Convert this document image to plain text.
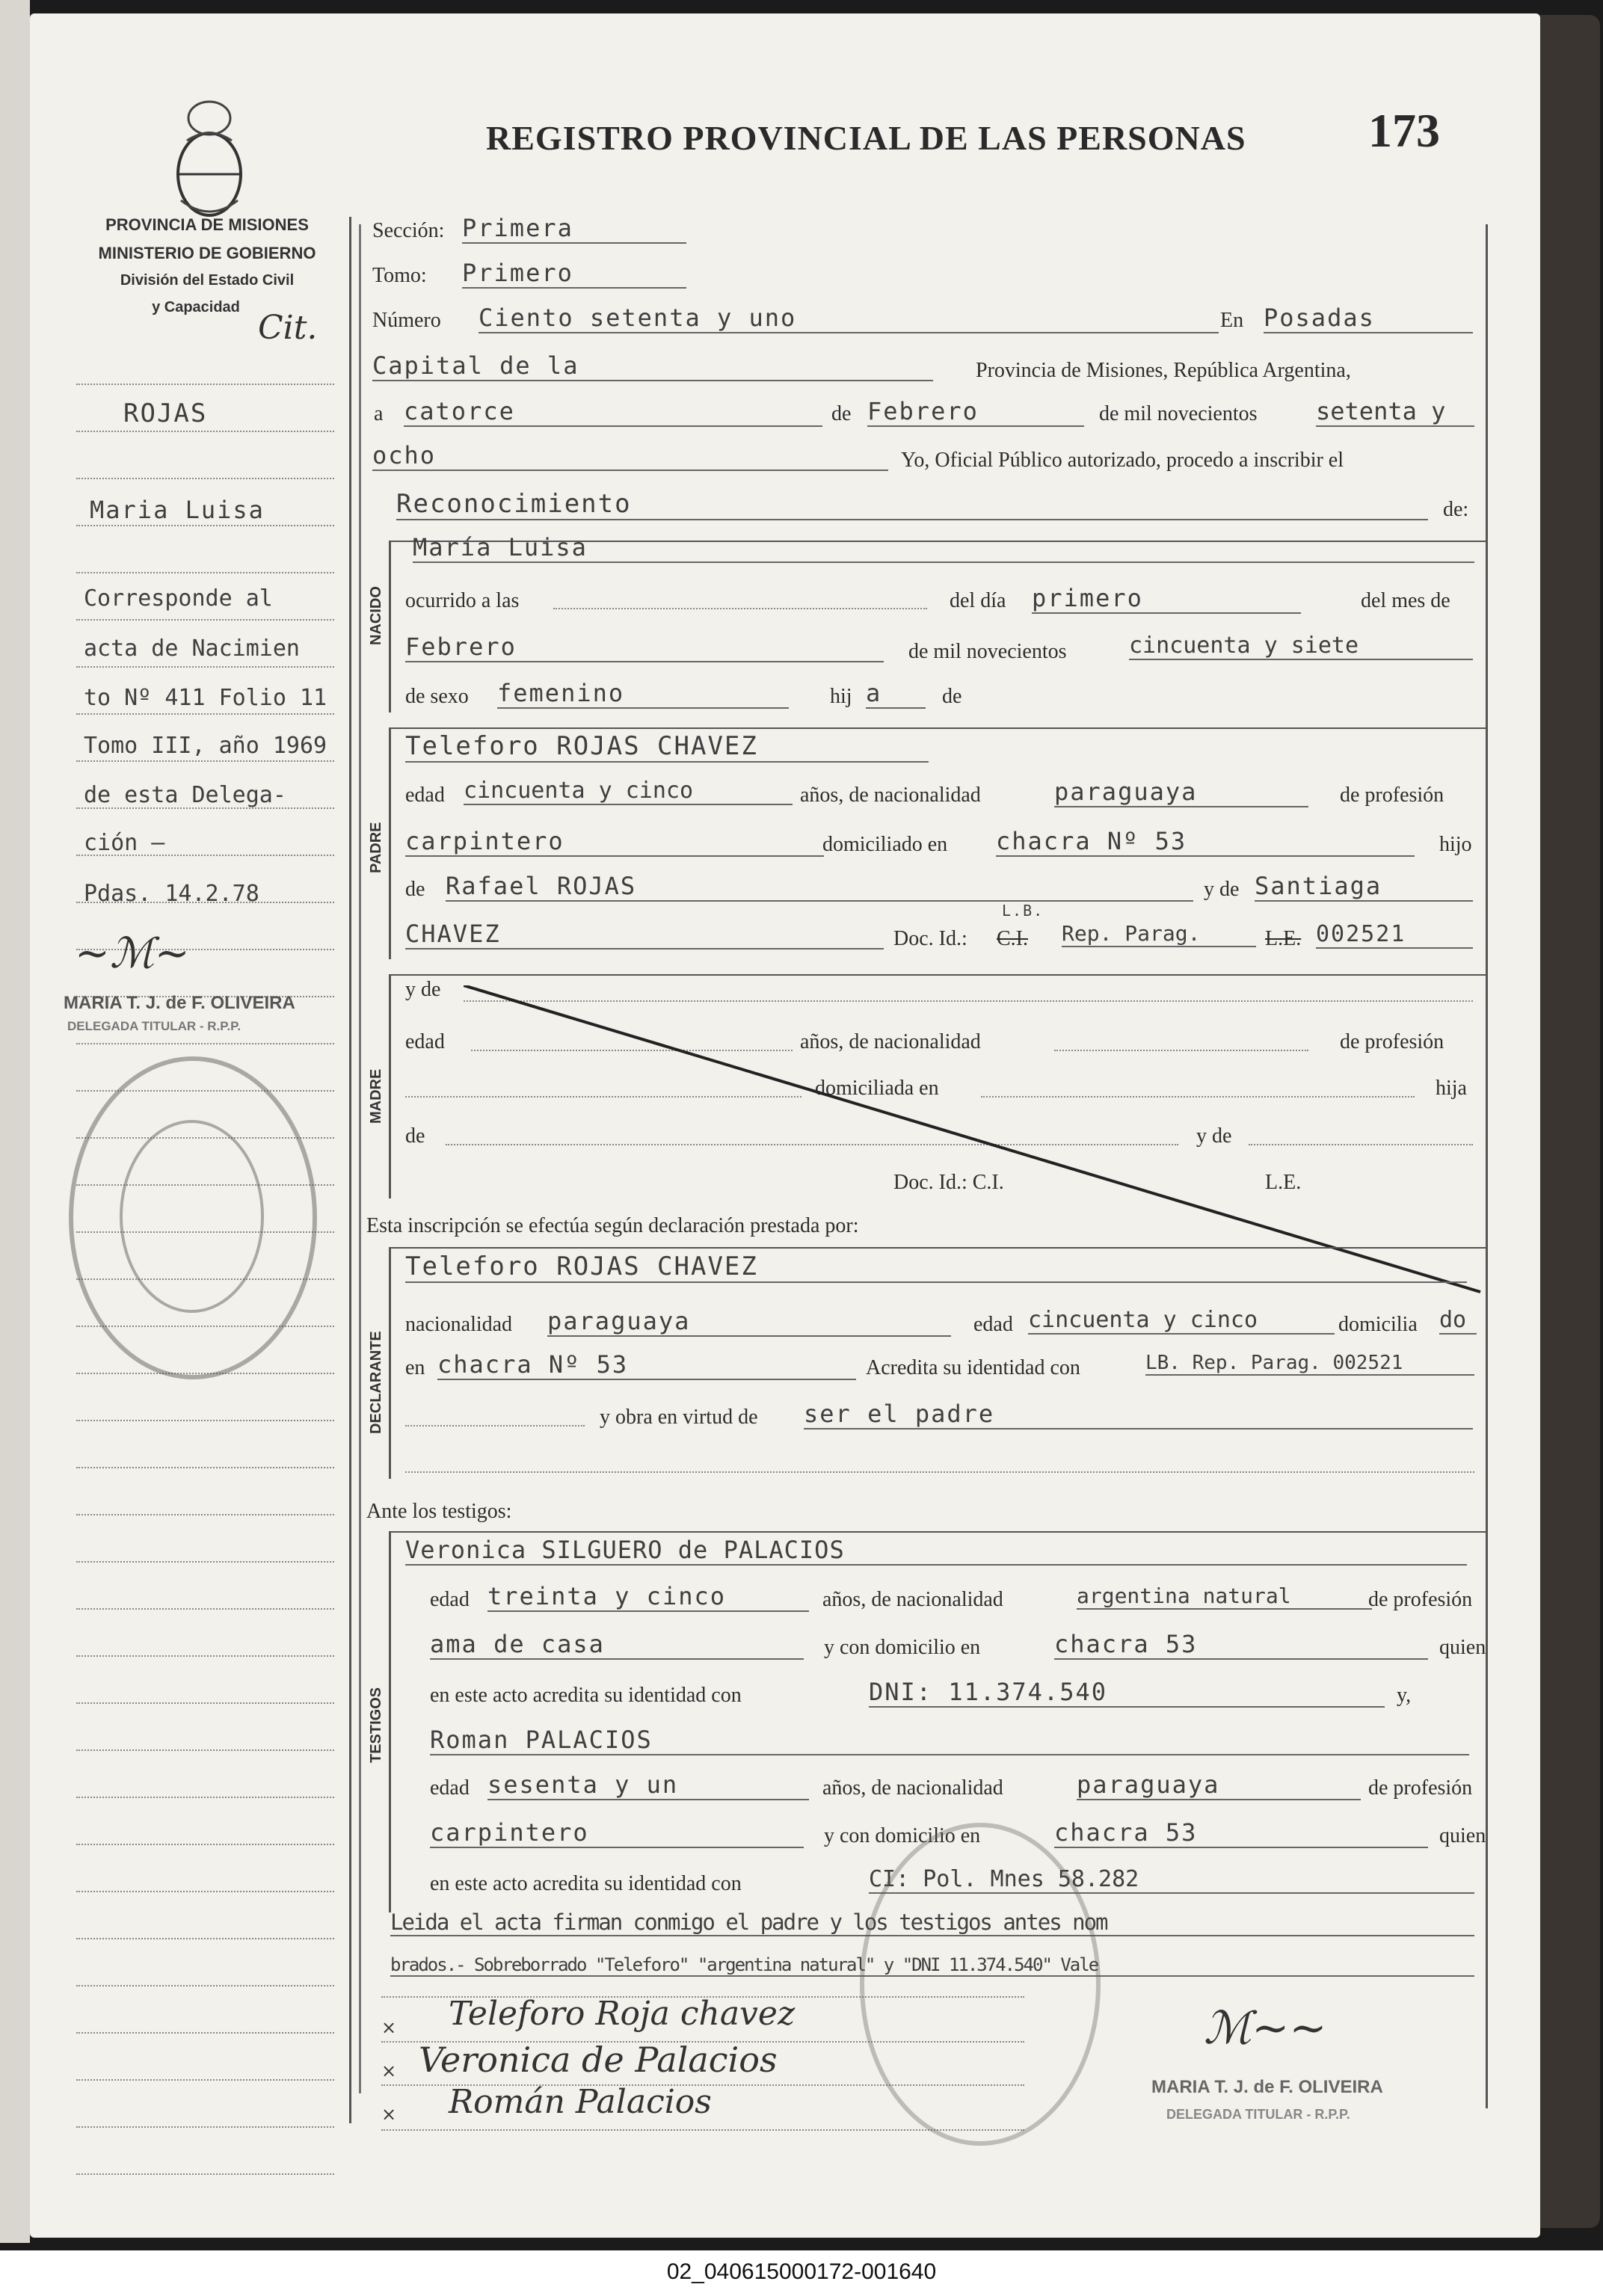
REGISTRO PROVINCIAL DE LAS PERSONAS	173
PROVINCIA DE MISIONES
MINISTERIO DE GOBIERNO
División del Estado Civil
y Capacidad
Cit.
ROJAS
Maria Luisa
Corresponde al
acta de Nacimien
to Nº 411 Folio 11
Tomo III, año 1969
de esta Delega-
ción —
Pdas. 14.2.78
~ℳ~
MARIA T. J. de F. OLIVEIRA
DELEGADA TITULAR - R.P.P.
Sección: Primera
Tomo: Primero
Número Ciento setenta y uno	En Posadas
Capital de la	Provincia de Misiones, República Argentina,
a catorce	de Febrero	de mil novecientos setenta y
ocho	Yo, Oficial Público autorizado, procedo a inscribir el
Reconocimiento	de:
NACIDO
María Luisa
ocurrido a las	del día primero	del mes de
Febrero	de mil novecientos	cincuenta y siete
de sexo femenino	hij a	de
PADRE
Teleforo ROJAS CHAVEZ
edad cincuenta y cinco	años, de nacionalidad	paraguaya	de profesión
carpintero	domiciliado en chacra Nº 53	hijo
de Rafael ROJAS	y de Santiaga
CHAVEZ	Doc. Id.: C.I.
L.B.
Rep. Parag.	L.E. 002521
MADRE
y de
edad	años, de nacionalidad	de profesión
domiciliada en	hija
de	y de
Doc. Id.: C.I.	L.E.
Esta inscripción se efectúa según declaración prestada por:
DECLARANTE
Teleforo ROJAS CHAVEZ
nacionalidad paraguaya	edad cincuenta y cinco	domicilia do
en chacra Nº 53	Acredita su identidad con	LB. Rep. Parag. 002521
y obra en virtud de ser el padre
Ante los testigos:
TESTIGOS
Veronica SILGUERO de PALACIOS
edad treinta y cinco	años, de nacionalidad	argentina natural	de profesión
ama de casa	y con domicilio en	chacra 53	quien
en este acto acredita su identidad con	DNI: 11.374.540	y,
Roman PALACIOS
edad sesenta y un	años, de nacionalidad	paraguaya	de profesión
carpintero	y con domicilio en	chacra 53	quien
en este acto acredita su identidad con	CI: Pol. Mnes 58.282
Leida el acta firman conmigo el padre y los testigos antes nom
brados.- Sobreborrado "Teleforo" "argentina natural" y "DNI 11.374.540" Vale
×
×
×
Teleforo Roja chavez
Veronica de Palacios
Román Palacios
ℳ~~
MARIA T. J. de F. OLIVEIRA
DELEGADA TITULAR - R.P.P.
02_040615000172-001640
